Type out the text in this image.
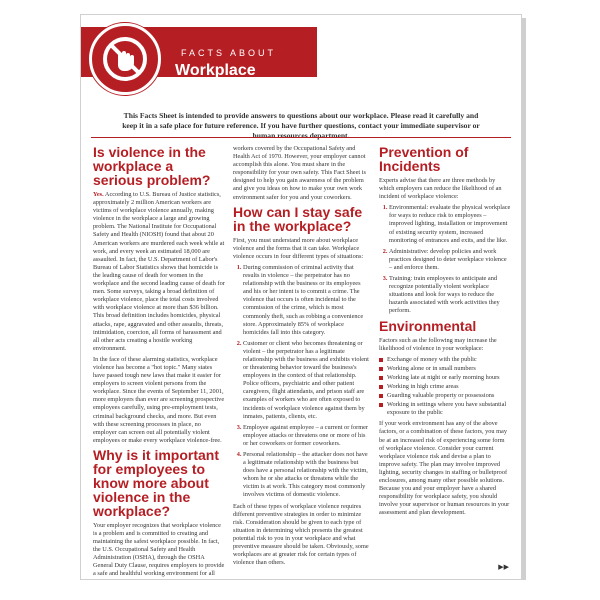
FACTS ABOUT
Workplace Violence
This Facts Sheet is intended to provide answers to questions about our workplace. Please read it carefully and keep it in a safe place for future reference. If you have further questions, contact your immediate supervisor or human resources department.
Is violence in the workplace a serious problem?

Yes. According to U.S. Bureau of Justice statistics, approximately 2 million American workers are victims of workplace violence annually, making violence in the workplace a large and growing problem. The National Institute for Occupational Safety and Health (NIOSH) found that about 20 American workers are murdered each week while at work, and every week an estimated 18,000 are assaulted. In fact, the U.S. Department of Labor's Bureau of Labor Statistics shows that homicide is the leading cause of death for women in the workplace and the second leading cause of death for men. Some surveys, taking a broad definition of workplace violence, place the total costs involved with workplace violence at more than $36 billion. This broad definition includes homicides, physical attacks, rape, aggravated and other assaults, threats, intimidation, coercion, all forms of harassment and all other acts creating a hostile working environment.

In the face of these alarming statistics, workplace violence has become a "hot topic." Many states have passed tough new laws that make it easier for employers to screen violent persons from the workplace. Since the events of September 11, 2001, more employers than ever are screening prospective employees carefully, using pre-employment tests, criminal background checks, and more. But even with these screening processes in place, no employer can screen out all potentially violent employees or make every workplace violence-free.

Why is it important for employees to know more about violence in the workplace?

Your employer recognizes that workplace violence is a problem and is committed to creating and maintaining the safest workplace possible. In fact, the U.S. Occupational Safety and Health Administration (OSHA), through the OSHA General Duty Clause, requires employers to provide a safe and healthful working environment for all

workers covered by the Occupational Safety and Health Act of 1970. However, your employer cannot accomplish this alone. You must share in the responsibility for your own safety. This Fact Sheet is designed to help you gain awareness of the problem and give you ideas on how to make your own work environment safer for you and your coworkers.

How can I stay safe in the workplace?

First, you must understand more about workplace violence and the forms that it can take. Workplace violence occurs in four different types of situations:

1. During commission of criminal activity that results in violence – the perpetrator has no relationship with the business or its employees and his or her intent is to commit a crime. The violence that occurs is often incidental to the commission of the crime, which is most commonly theft, such as robbing a convenience store. Approximately 85% of workplace homicides fall into this category.
2. Customer or client who becomes threatening or violent – the perpetrator has a legitimate relationship with the business and exhibits violent or threatening behavior toward the business's employees in the context of that relationship. Police officers, psychiatric and other patient caregivers, flight attendants, and prison staff are examples of workers who are often exposed to incidents of workplace violence against them by inmates, patients, clients, etc.
3. Employee against employee – a current or former employee attacks or threatens one or more of his or her coworkers or former coworkers.
4. Personal relationship – the attacker does not have a legitimate relationship with the business but does have a personal relationship with the victim, whom he or she attacks or threatens while the victim is at work. This category most commonly involves victims of domestic violence.

Each of these types of workplace violence requires different preventive strategies in order to minimize risk. Consideration should be given to each type of situation in determining which presents the greatest potential risk to you in your workplace and what preventive measure should be taken. Obviously, some workplaces are at greater risk for certain types of violence than others.

Prevention of Incidents

Experts advise that there are three methods by which employers can reduce the likelihood of an incident of workplace violence:

1. Environmental: evaluate the physical workplace for ways to reduce risk to employees – improved lighting, installation or improvement of existing security system, increased monitoring of entrances and exits, and the like.
2. Administrative: develop policies and work practices designed to deter workplace violence – and enforce them.
3. Training: train employees to anticipate and recognize potentially violent workplace situations and look for ways to reduce the hazards associated with work activities they perform.
Environmental

Factors such as the following may increase the likelihood of violence in your workplace:

Exchange of money with the public
Working alone or in small numbers
Working late at night or early morning hours
Working in high crime areas
Guarding valuable property or possessions
Working in settings where you have substantial exposure to the public

If your work environment has any of the above factors, or a combination of these factors, you may be at an increased risk of experiencing some form of workplace violence. Consider your current workplace violence risk and devise a plan to improve safety. The plan may involve improved lighting, security changes in staffing or bulletproof enclosures, among many other possible solutions. Because you and your employer have a shared responsibility for workplace safety, you should involve your supervisor or human resources in your assessment and plan development.

▶▶
